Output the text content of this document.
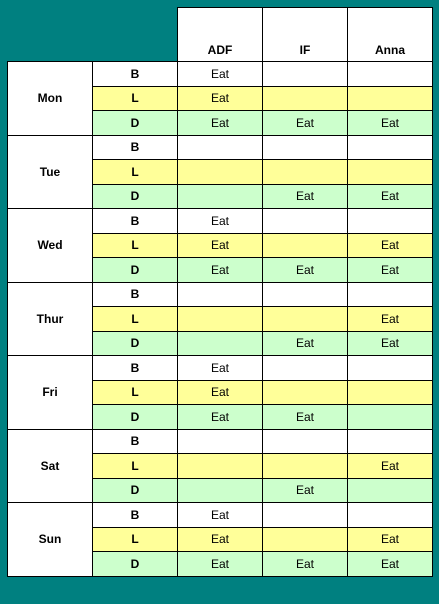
		ADF	IF	Anna
Mon	B	Eat		
	L	Eat		
	D	Eat	Eat	Eat
Tue	B			
	L			
	D		Eat	Eat
Wed	B	Eat		
	L	Eat		Eat
	D	Eat	Eat	Eat
Thur	B			
	L			Eat
	D		Eat	Eat
Fri	B	Eat		
	L	Eat		
	D	Eat	Eat	
Sat	B			
	L			Eat
	D		Eat	
Sun	B	Eat		
	L	Eat		Eat
	D	Eat	Eat	Eat
